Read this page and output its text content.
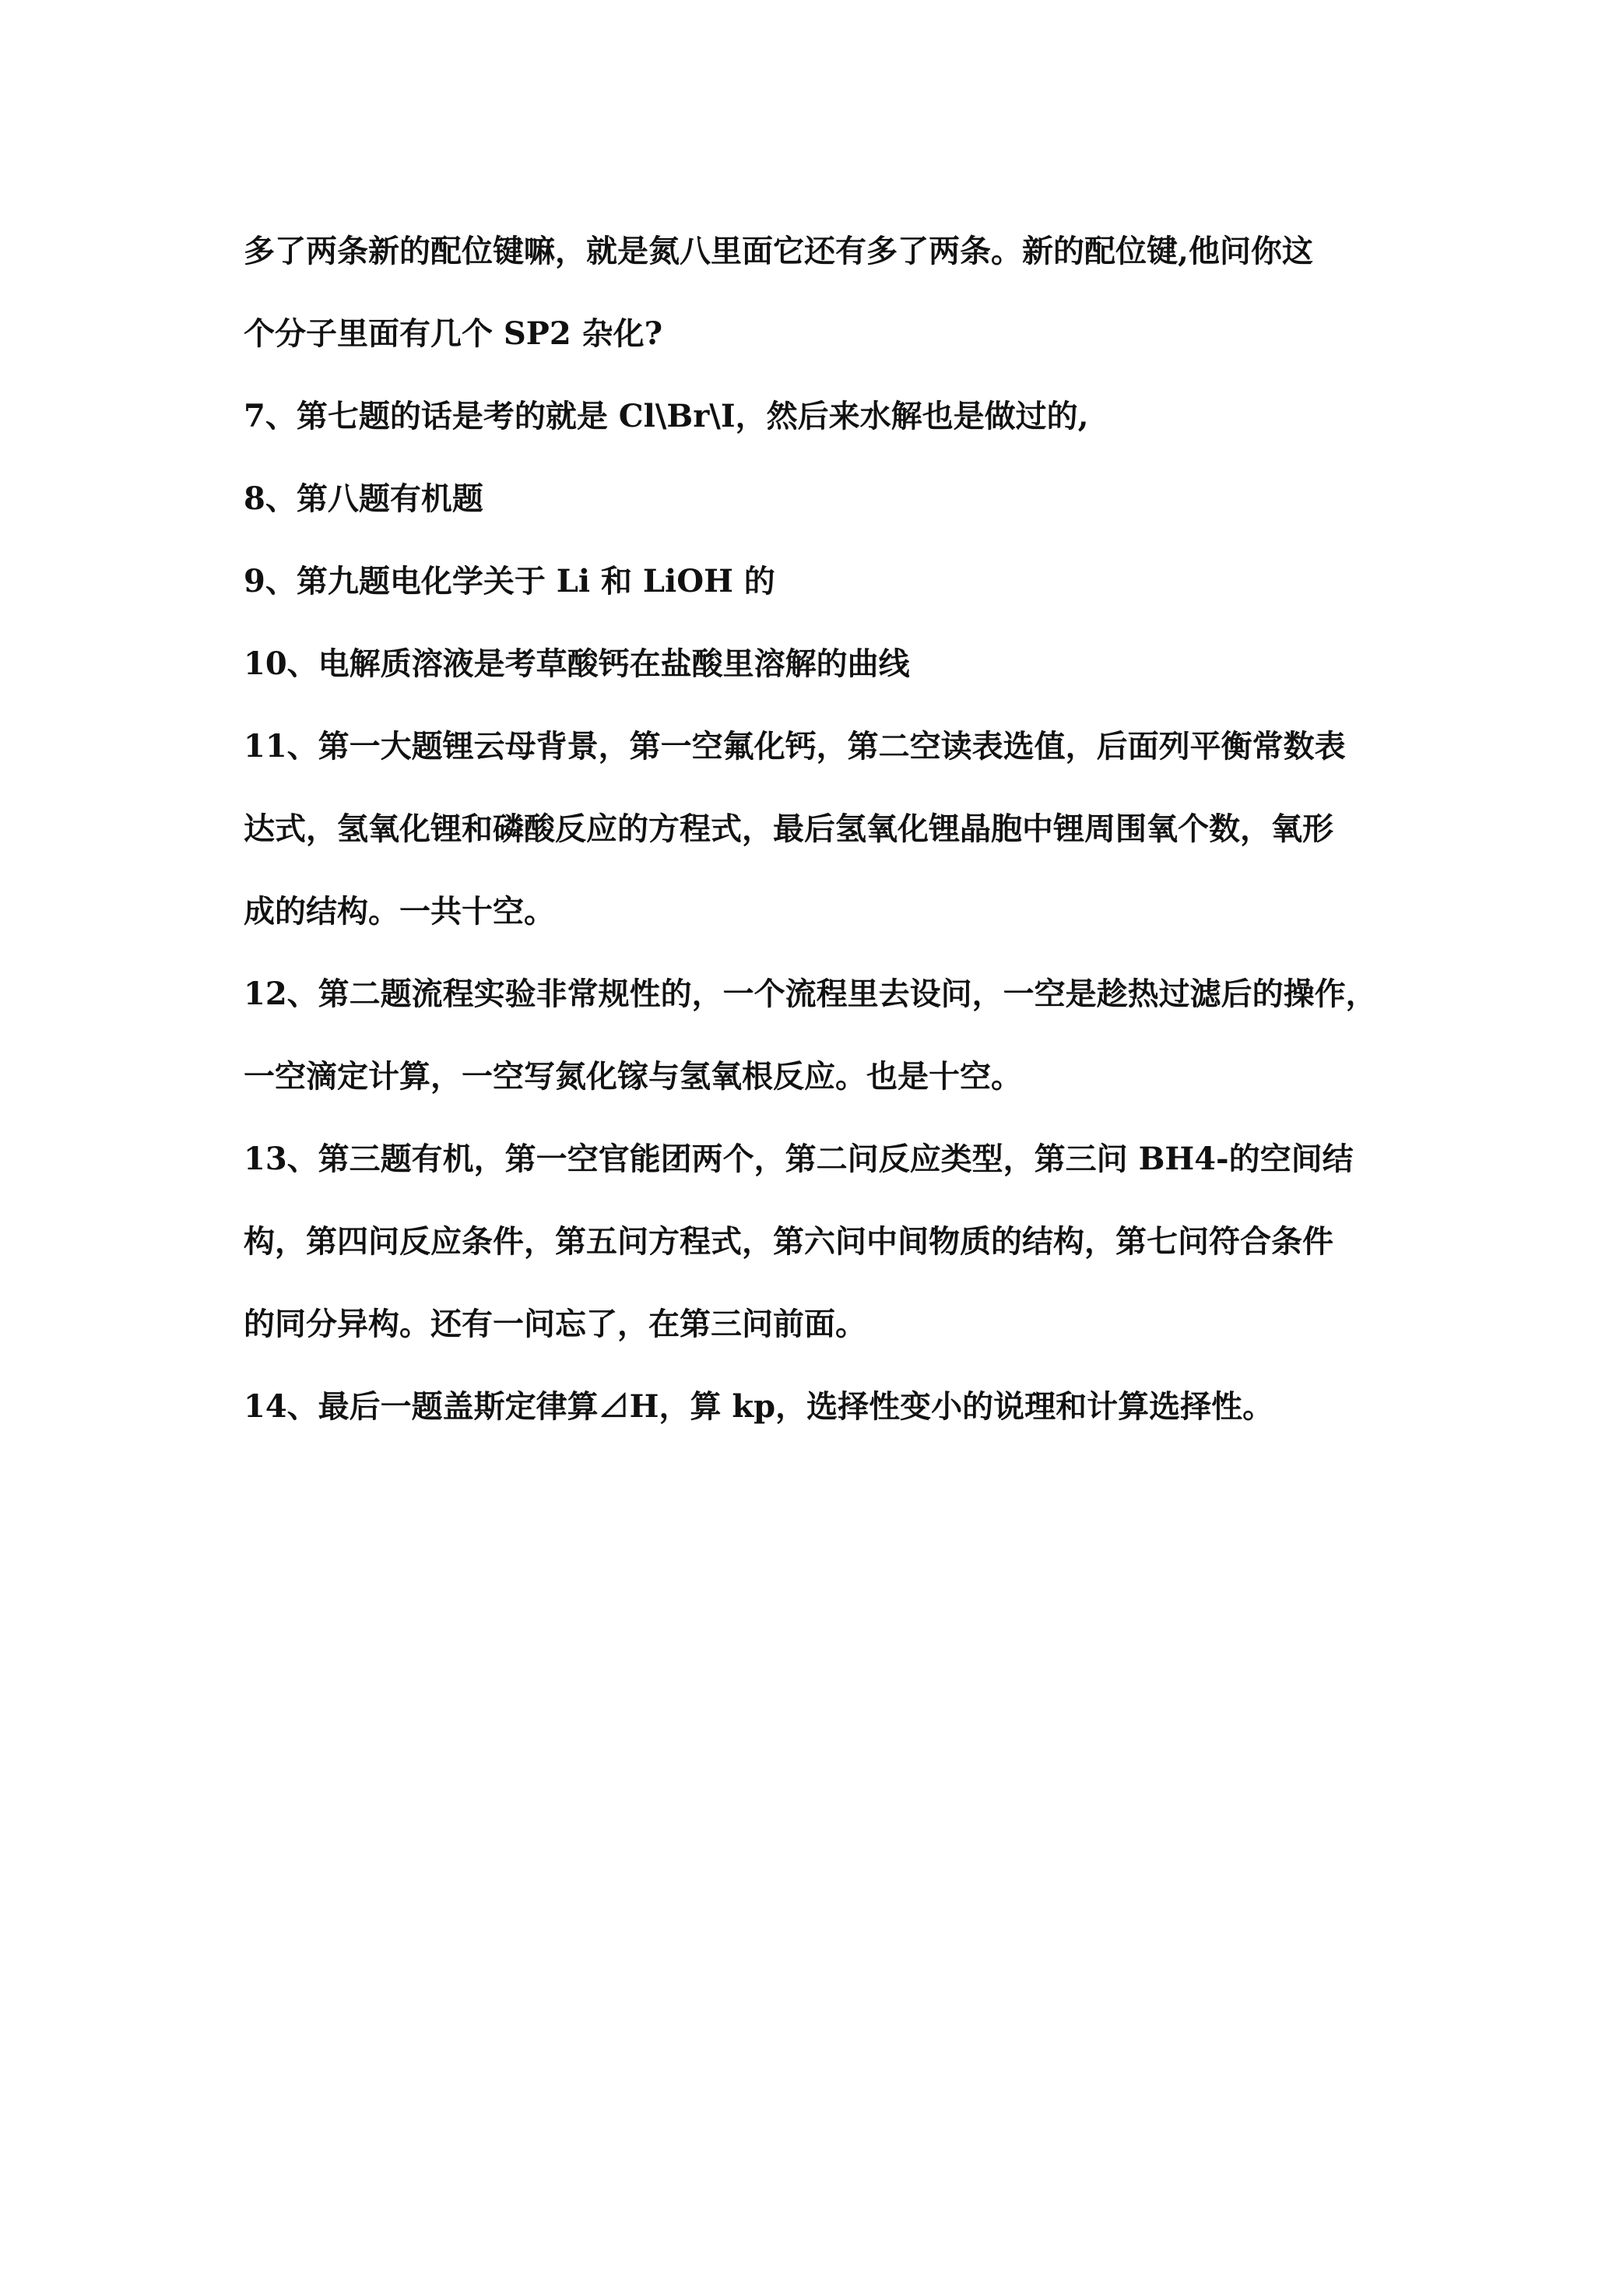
多了两条新的配位键嘛，就是氮八里面它还有多了两条。新的配位键,他问你这
个分子里面有几个 SP2 杂化?
7、第七题的话是考的就是 Cl\Br\I，然后来水解也是做过的,
8、第八题有机题
9、第九题电化学关于 Li 和 LiOH 的
10、电解质溶液是考草酸钙在盐酸里溶解的曲线
11、第一大题锂云母背景，第一空氟化钙，第二空读表选值，后面列平衡常数表
达式，氢氧化锂和磷酸反应的方程式，最后氢氧化锂晶胞中锂周围氧个数，氧形
成的结构。一共十空。
12、第二题流程实验非常规性的，一个流程里去设问，一空是趁热过滤后的操作，
一空滴定计算，一空写氮化镓与氢氧根反应。也是十空。
13、第三题有机，第一空官能团两个，第二问反应类型，第三问 BH4-的空间结
构，第四问反应条件，第五问方程式，第六问中间物质的结构，第七问符合条件
的同分异构。还有一问忘了，在第三问前面。
14、最后一题盖斯定律算⊿H，算 kp，选择性变小的说理和计算选择性。
